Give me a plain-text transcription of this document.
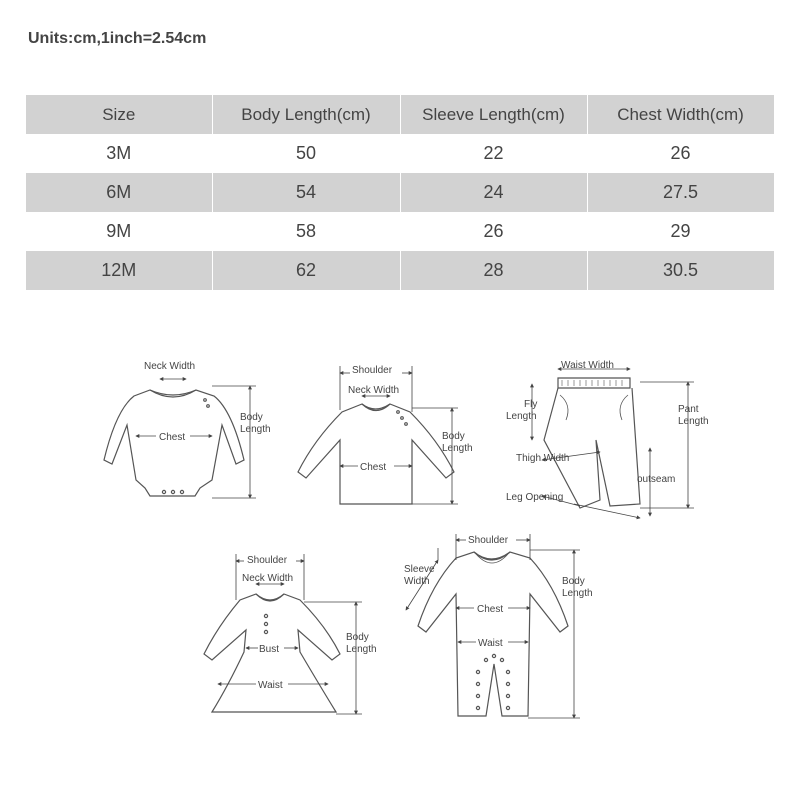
Units:cm,1inch=2.54cm
Size	Body Length(cm)	Sleeve Length(cm)	Chest Width(cm)
3M	50	22	26
6M	54	24	27.5
9M	58	26	29
12M	62	28	30.5
Neck Width
Chest
Body
Length
Shoulder
Neck Width
Chest
Body
Length
Waist Width
Fly
Length
Pant
Length
Thigh Width
outseam
Leg Opening
Shoulder
Neck Width
Bust
Waist
Body
Length
Shoulder
Sleeve
Width
Chest
Waist
Body
Length
